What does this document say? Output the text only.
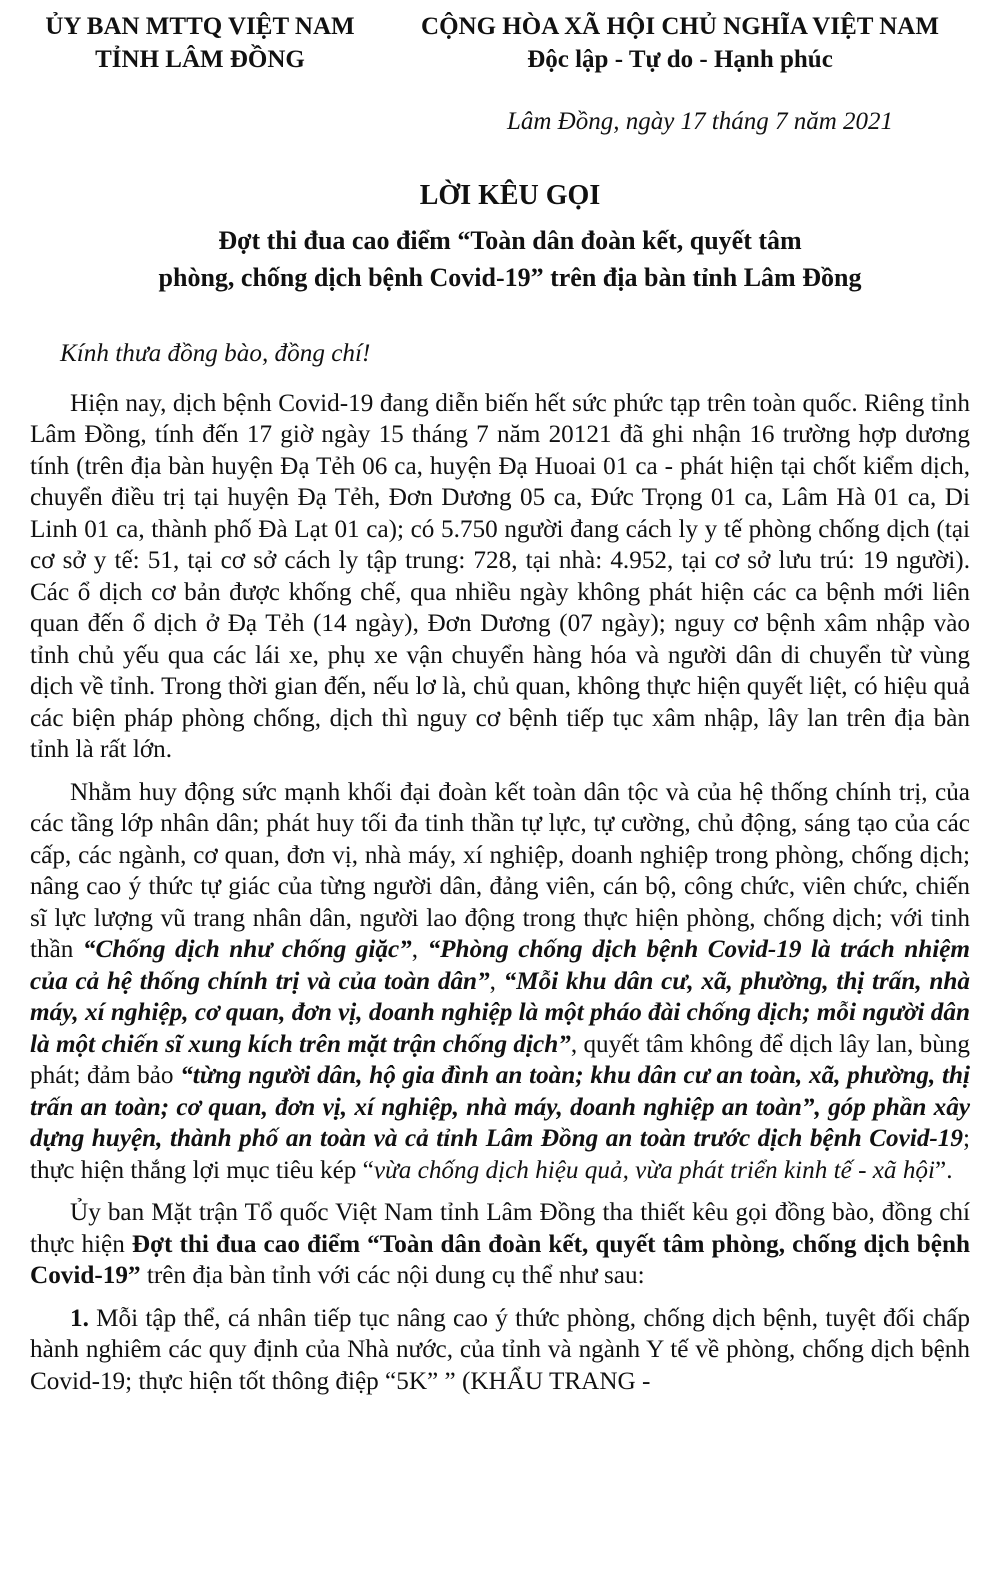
ỦY BAN MTTQ VIỆT NAM
TỈNH LÂM ĐỒNG
CỘNG HÒA XÃ HỘI CHỦ NGHĨA VIỆT NAM
Độc lập - Tự do - Hạnh phúc
Lâm Đồng, ngày 17 tháng 7 năm 2021
LỜI KÊU GỌI
Đợt thi đua cao điểm “Toàn dân đoàn kết, quyết tâm
phòng, chống dịch bệnh Covid-19” trên địa bàn tỉnh Lâm Đồng

Kính thưa đồng bào, đồng chí!

Hiện nay, dịch bệnh Covid-19 đang diễn biến hết sức phức tạp trên toàn quốc. Riêng tỉnh Lâm Đồng, tính đến 17 giờ ngày 15 tháng 7 năm 20121 đã ghi nhận 16 trường hợp dương tính (trên địa bàn huyện Đạ Tẻh 06 ca, huyện Đạ Huoai 01 ca - phát hiện tại chốt kiểm dịch, chuyển điều trị tại huyện Đạ Tẻh, Đơn Dương 05 ca, Đức Trọng 01 ca, Lâm Hà 01 ca, Di Linh 01 ca, thành phố Đà Lạt 01 ca); có 5.750 người đang cách ly y tế phòng chống dịch (tại cơ sở y tế: 51, tại cơ sở cách ly tập trung: 728, tại nhà: 4.952, tại cơ sở lưu trú: 19 người). Các ổ dịch cơ bản được khống chế, qua nhiều ngày không phát hiện các ca bệnh mới liên quan đến ổ dịch ở Đạ Tẻh (14 ngày), Đơn Dương (07 ngày); nguy cơ bệnh xâm nhập vào tỉnh chủ yếu qua các lái xe, phụ xe vận chuyển hàng hóa và người dân di chuyển từ vùng dịch về tỉnh. Trong thời gian đến, nếu lơ là, chủ quan, không thực hiện quyết liệt, có hiệu quả các biện pháp phòng chống, dịch thì nguy cơ bệnh tiếp tục xâm nhập, lây lan trên địa bàn tỉnh là rất lớn.

Nhằm huy động sức mạnh khối đại đoàn kết toàn dân tộc và của hệ thống chính trị, của các tầng lớp nhân dân; phát huy tối đa tinh thần tự lực, tự cường, chủ động, sáng tạo của các cấp, các ngành, cơ quan, đơn vị, nhà máy, xí nghiệp, doanh nghiệp trong phòng, chống dịch; nâng cao ý thức tự giác của từng người dân, đảng viên, cán bộ, công chức, viên chức, chiến sĩ lực lượng vũ trang nhân dân, người lao động trong thực hiện phòng, chống dịch; với tinh thần “Chống dịch như chống giặc”, “Phòng chống dịch bệnh Covid-19 là trách nhiệm của cả hệ thống chính trị và của toàn dân”, “Mỗi khu dân cư, xã, phường, thị trấn, nhà máy, xí nghiệp, cơ quan, đơn vị, doanh nghiệp là một pháo đài chống dịch; mỗi người dân là một chiến sĩ xung kích trên mặt trận chống dịch”, quyết tâm không để dịch lây lan, bùng phát; đảm bảo “từng người dân, hộ gia đình an toàn; khu dân cư an toàn, xã, phường, thị trấn an toàn; cơ quan, đơn vị, xí nghiệp, nhà máy, doanh nghiệp an toàn”, góp phần xây dựng huyện, thành phố an toàn và cả tỉnh Lâm Đồng an toàn trước dịch bệnh Covid-19; thực hiện thắng lợi mục tiêu kép “vừa chống dịch hiệu quả, vừa phát triển kinh tế - xã hội”.

Ủy ban Mặt trận Tổ quốc Việt Nam tỉnh Lâm Đồng tha thiết kêu gọi đồng bào, đồng chí thực hiện Đợt thi đua cao điểm “Toàn dân đoàn kết, quyết tâm phòng, chống dịch bệnh Covid-19” trên địa bàn tỉnh với các nội dung cụ thể như sau:

1. Mỗi tập thể, cá nhân tiếp tục nâng cao ý thức phòng, chống dịch bệnh, tuyệt đối chấp hành nghiêm các quy định của Nhà nước, của tỉnh và ngành Y tế về phòng, chống dịch bệnh Covid-19; thực hiện tốt thông điệp “5K” ” (KHẨU TRANG -
